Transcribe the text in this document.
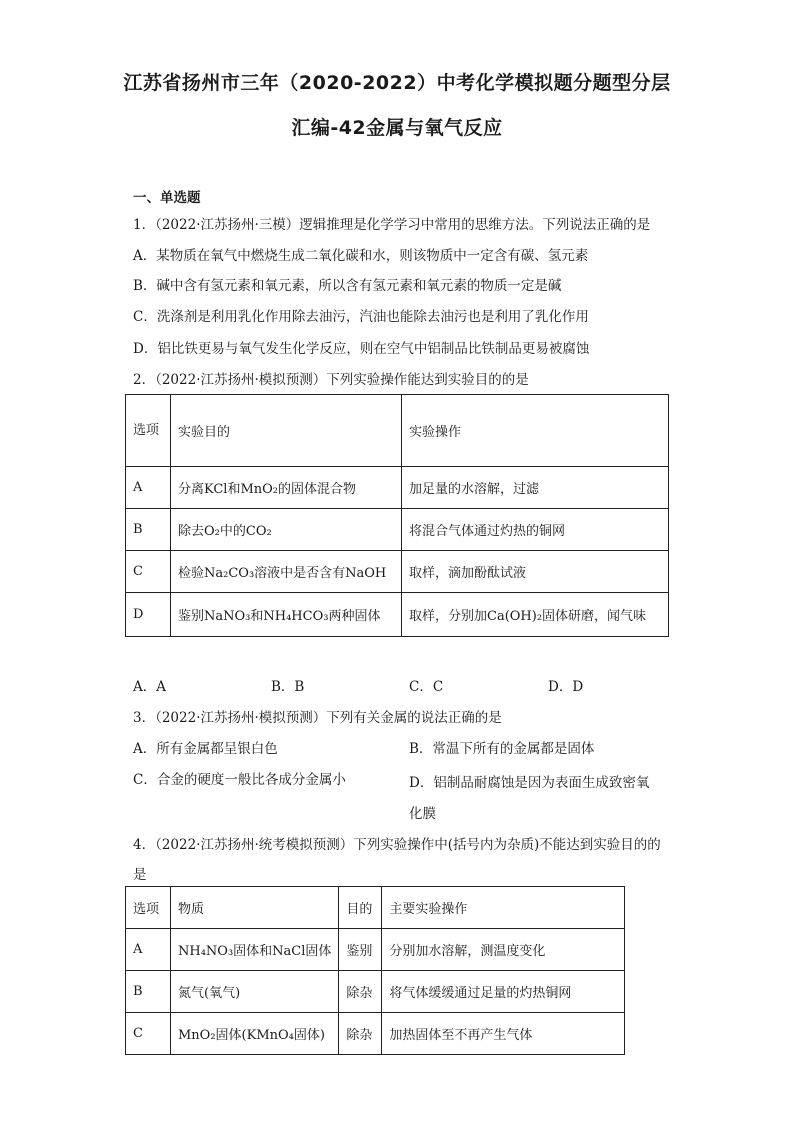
江苏省扬州市三年（2020-2022）中考化学模拟题分题型分层
汇编-42金属与氧气反应
一、单选题
1．（2022·江苏扬州·三模）逻辑推理是化学学习中常用的思维方法。下列说法正确的是
A．某物质在氧气中燃烧生成二氧化碳和水，则该物质中一定含有碳、氢元素
B．碱中含有氢元素和氧元素，所以含有氢元素和氧元素的物质一定是碱
C．洗涤剂是利用乳化作用除去油污，汽油也能除去油污也是利用了乳化作用
D．铝比铁更易与氧气发生化学反应，则在空气中铝制品比铁制品更易被腐蚀
2．（2022·江苏扬州·模拟预测）下列实验操作能达到实验目的的是
选项	实验目的	实验操作
A	分离KCl和MnO₂的固体混合物	加足量的水溶解，过滤
B	除去O₂中的CO₂	将混合气体通过灼热的铜网
C	检验Na₂CO₃溶液中是否含有NaOH	取样，滴加酚酞试液
D	鉴别NaNO₃和NH₄HCO₃两种固体	取样，分别加Ca(OH)₂固体研磨，闻气味
A．A	B．B	C．C	D．D
3．（2022·江苏扬州·模拟预测）下列有关金属的说法正确的是
A．所有金属都呈银白色	B．常温下所有的金属都是固体
C．合金的硬度一般比各成分金属小	D．铝制品耐腐蚀是因为表面生成致密氧化膜
4．（2022·江苏扬州·统考模拟预测）下列实验操作中(括号内为杂质)不能达到实验目的的是
选项	物质	目的	主要实验操作
A	NH₄NO₃固体和NaCl固体	鉴别	分别加水溶解，测温度变化
B	氮气(氧气)	除杂	将气体缓缓通过足量的灼热铜网
C	MnO₂固体(KMnO₄固体)	除杂	加热固体至不再产生气体
